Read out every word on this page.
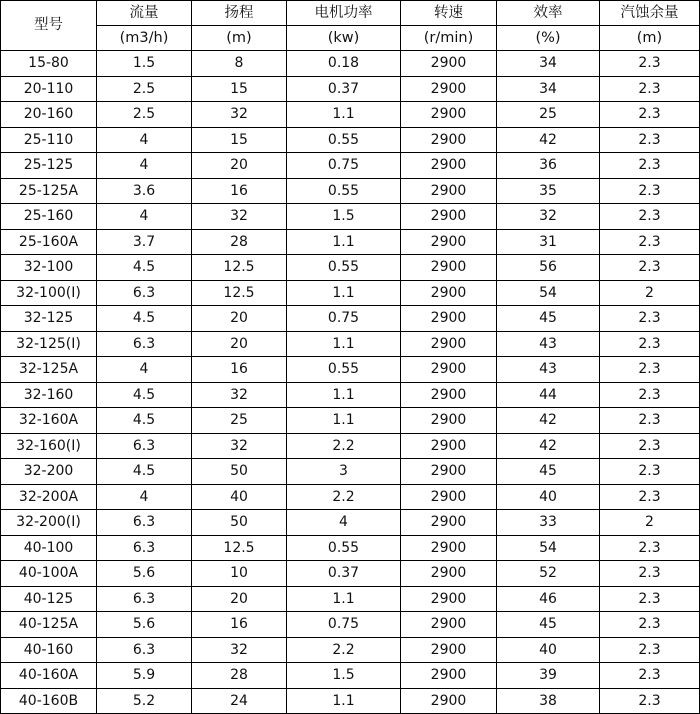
型号	流量	扬程	电机功率	转速	效率	汽蚀余量
	(m3/h)	(m)	(kw)	(r/min)	(%)	(m)
15-80	1.5	8	0.18	2900	34	2.3
20-110	2.5	15	0.37	2900	34	2.3
20-160	2.5	32	1.1	2900	25	2.3
25-110	4	15	0.55	2900	42	2.3
25-125	4	20	0.75	2900	36	2.3
25-125A	3.6	16	0.55	2900	35	2.3
25-160	4	32	1.5	2900	32	2.3
25-160A	3.7	28	1.1	2900	31	2.3
32-100	4.5	12.5	0.55	2900	56	2.3
32-100(I)	6.3	12.5	1.1	2900	54	2
32-125	4.5	20	0.75	2900	45	2.3
32-125(I)	6.3	20	1.1	2900	43	2.3
32-125A	4	16	0.55	2900	43	2.3
32-160	4.5	32	1.1	2900	44	2.3
32-160A	4.5	25	1.1	2900	42	2.3
32-160(I)	6.3	32	2.2	2900	42	2.3
32-200	4.5	50	3	2900	45	2.3
32-200A	4	40	2.2	2900	40	2.3
32-200(I)	6.3	50	4	2900	33	2
40-100	6.3	12.5	0.55	2900	54	2.3
40-100A	5.6	10	0.37	2900	52	2.3
40-125	6.3	20	1.1	2900	46	2.3
40-125A	5.6	16	0.75	2900	45	2.3
40-160	6.3	32	2.2	2900	40	2.3
40-160A	5.9	28	1.5	2900	39	2.3
40-160B	5.2	24	1.1	2900	38	2.3
